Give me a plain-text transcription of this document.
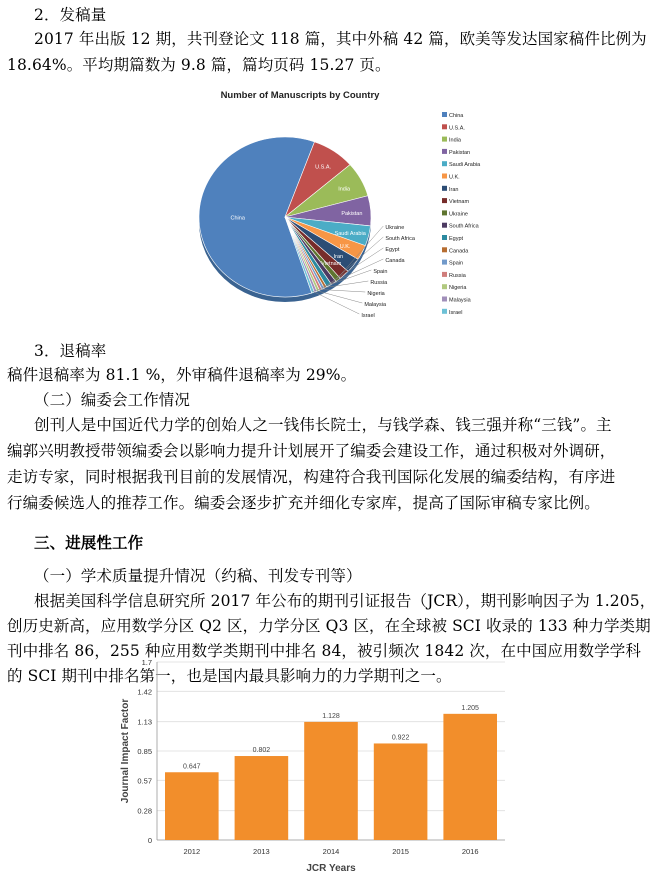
2．发稿量
2017 年出版 12 期，共刊登论文 118 篇，其中外稿 42 篇，欧美等发达国家稿件比例为
18.64%。平均期篇数为 9.8 篇，篇均页码 15.27 页。
Number of Manuscripts by Country
China
U.S.A.
India
Pakistan
Saudi Arabia
U.K.
Iran
Vietnam
Ukraine
South Africa
Egypt
Canada
Spain
Russia
Nigeria
Malaysia
Israel
China
U.S.A.
India
Pakistan
Saudi Arabia
U.K.
Iran
Vietnam
Ukraine
South Africa
Egypt
Canada
Spain
Russia
Nigeria
Malaysia
Israel
3．退稿率
稿件退稿率为 81.1 %，外审稿件退稿率为 29%。
（二）编委会工作情况
创刊人是中国近代力学的创始人之一钱伟长院士，与钱学森、钱三强并称“三钱”。主
编郭兴明教授带领编委会以影响力提升计划展开了编委会建设工作，通过积极对外调研，
走访专家，同时根据我刊目前的发展情况，构建符合我刊国际化发展的编委结构，有序进
行编委候选人的推荐工作。编委会逐步扩充并细化专家库，提高了国际审稿专家比例。
三、进展性工作
（一）学术质量提升情况（约稿、刊发专刊等）
根据美国科学信息研究所 2017 年公布的期刊引证报告（JCR），期刊影响因子为 1.205，
创历史新高，应用数学分区 Q2 区，力学分区 Q3 区，在全球被 SCI 收录的 133 种力学类期
刊中排名 86，255 种应用数学类期刊中排名 84，被引频次 1842 次，在中国应用数学学科
的 SCI 期刊中排名第一，也是国内最具影响力的力学期刊之一。
0
0.28
0.57
0.85
1.13
1.42
1.7
Journal Impact Factor	0.647
2012
0.802
2013
1.128
2014
0.922
2015
1.205
2016
JCR Years
